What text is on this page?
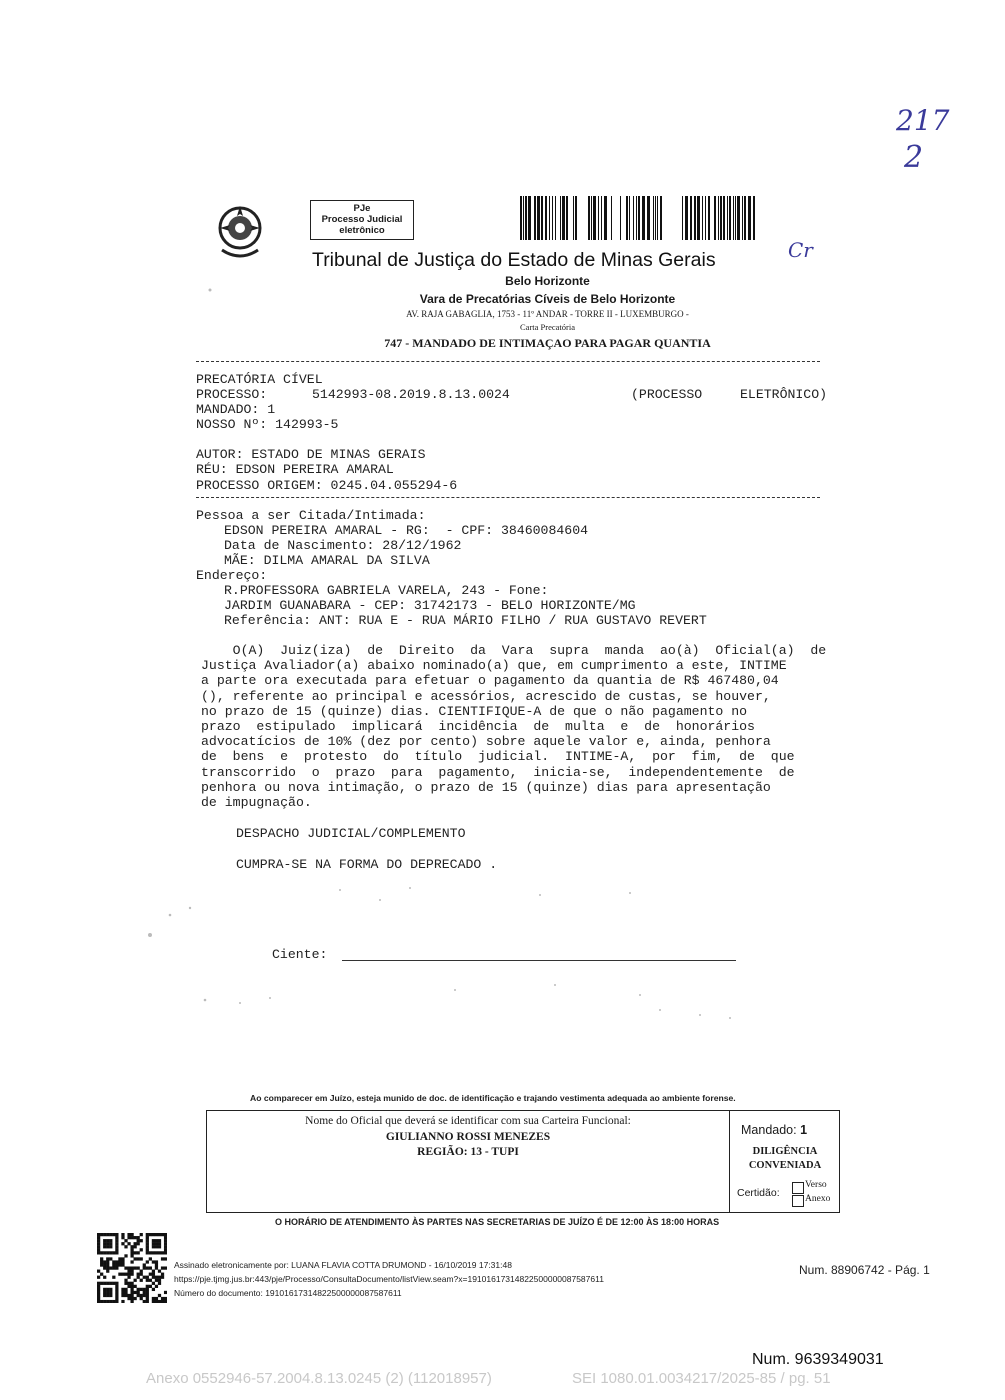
217
2
Cr
PJe
Processo Judicial
eletrônico
Tribunal de Justiça do Estado de Minas Gerais
Belo Horizonte
Vara de Precatórias Cíveis de Belo Horizonte
AV. RAJA GABAGLIA, 1753 - 11º ANDAR - TORRE II - LUXEMBURGO -
Carta Precatória
747 - MANDADO DE INTIMAÇAO PARA PAGAR QUANTIA
PRECATÓRIA CÍVEL
PROCESSO:	5142993-08.2019.8.13.0024	(PROCESSO	ELETRÔNICO)
MANDADO: 1
NOSSO Nº: 142993-5
AUTOR: ESTADO DE MINAS GERAIS
RÉU: EDSON PEREIRA AMARAL
PROCESSO ORIGEM: 0245.04.055294-6
Pessoa a ser Citada/Intimada:
EDSON PEREIRA AMARAL - RG:  - CPF: 38460084604
Data de Nascimento: 28/12/1962
MÃE: DILMA AMARAL DA SILVA
Endereço:
R.PROFESSORA GABRIELA VARELA, 243 - Fone:
JARDIM GUANABARA - CEP: 31742173 - BELO HORIZONTE/MG
Referência: ANT: RUA E - RUA MÁRIO FILHO / RUA GUSTAVO REVERT
O(A)  Juiz(iza)  de  Direito  da  Vara  supra  manda  ao(à)  Oficial(a)  de
Justiça Avaliador(a) abaixo nominado(a) que, em cumprimento a este, INTIME
a parte ora executada para efetuar o pagamento da quantia de R$ 467480,04
(), referente ao principal e acessórios, acrescido de custas, se houver,
no prazo de 15 (quinze) dias. CIENTIFIQUE-A de que o não pagamento no
prazo  estipulado  implicará  incidência  de  multa  e  de  honorários
advocatícios de 10% (dez por cento) sobre aquele valor e, ainda, penhora
de  bens  e  protesto  do  título  judicial.  INTIME-A,  por  fim,  de  que
transcorrido  o  prazo  para  pagamento,  inicia-se,  independentemente  de
penhora ou nova intimação, o prazo de 15 (quinze) dias para apresentação
de impugnação.
DESPACHO JUDICIAL/COMPLEMENTO
CUMPRA-SE NA FORMA DO DEPRECADO .
Ciente:
Ao comparecer em Juízo, esteja munido de doc. de identificação e trajando vestimenta adequada ao ambiente forense.
Nome do Oficial que deverá se identificar com sua Carteira Funcional:
GIULIANNO ROSSI MENEZES
REGIÃO: 13 - TUPI
Mandado: 1
DILIGÊNCIA
CONVENIADA
Certidão:
Verso
Anexo
O HORÁRIO DE ATENDIMENTO ÀS PARTES NAS SECRETARIAS DE JUÍZO É DE 12:00 ÀS 18:00 HORAS
Assinado eletronicamente por: LUANA FLAVIA COTTA DRUMOND - 16/10/2019 17:31:48
https://pje.tjmg.jus.br:443/pje/Processo/ConsultaDocumento/listView.seam?x=19101617314822500000087587611
Número do documento: 19101617314822500000087587611
Num. 88906742 - Pág. 1
Num. 9639349031
Anexo 0552946-57.2004.8.13.0245 (2) (112018957)	SEI 1080.01.0034217/2025-85 / pg. 51
